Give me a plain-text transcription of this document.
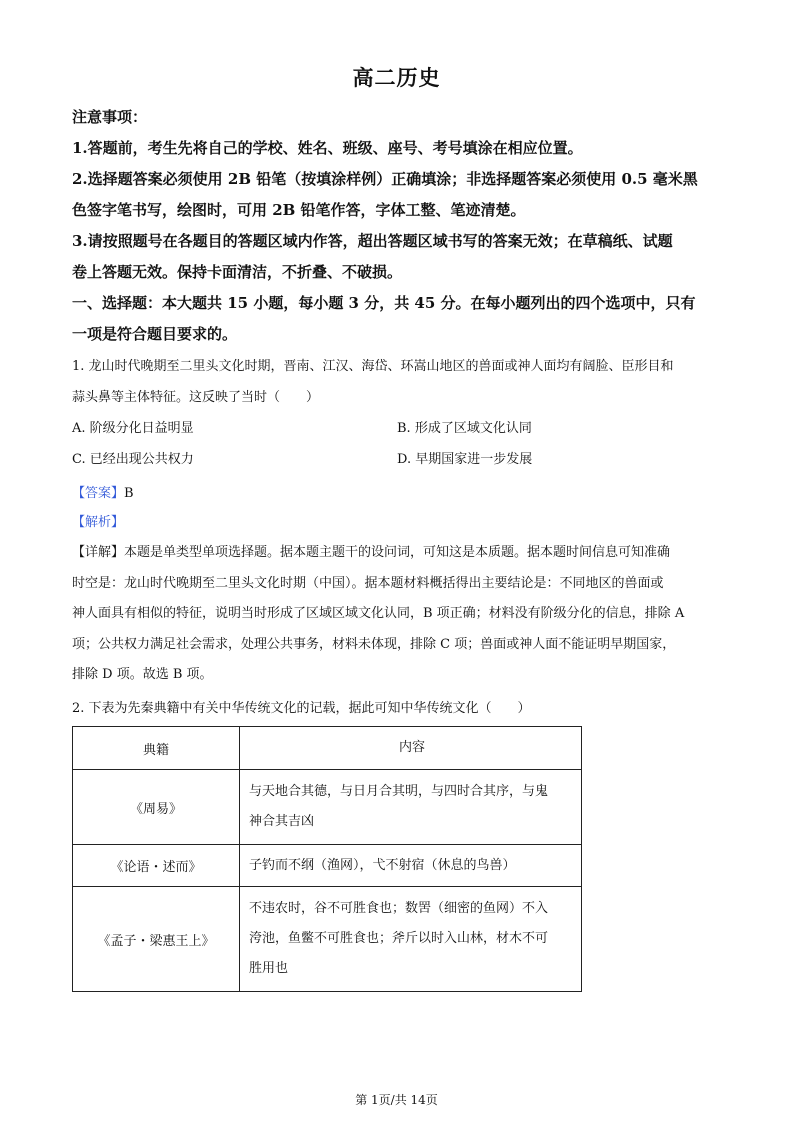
高二历史
注意事项：
1.答题前，考生先将自己的学校、姓名、班级、座号、考号填涂在相应位置。
2.选择题答案必须使用 2B 铅笔（按填涂样例）正确填涂；非选择题答案必须使用 0.5 毫米黑
色签字笔书写，绘图时，可用 2B 铅笔作答，字体工整、笔迹清楚。
3.请按照题号在各题目的答题区域内作答，超出答题区域书写的答案无效；在草稿纸、试题
卷上答题无效。保持卡面清洁，不折叠、不破损。
一、选择题：本大题共 15 小题，每小题 3 分，共 45 分。在每小题列出的四个选项中，只有
一项是符合题目要求的。
1. 龙山时代晚期至二里头文化时期，晋南、江汉、海岱、环嵩山地区的兽面或神人面均有阔脸、臣形目和
蒜头鼻等主体特征。这反映了当时（　　）
A. 阶级分化日益明显	B. 形成了区域文化认同
C. 已经出现公共权力	D. 早期国家进一步发展
【答案】B
【解析】
【详解】本题是单类型单项选择题。据本题主题干的设问词，可知这是本质题。据本题时间信息可知准确
时空是：龙山时代晚期至二里头文化时期（中国）。据本题材料概括得出主要结论是：不同地区的兽面或
神人面具有相似的特征，说明当时形成了区域区域文化认同，B 项正确；材料没有阶级分化的信息，排除 A
项；公共权力满足社会需求，处理公共事务，材料未体现，排除 C 项；兽面或神人面不能证明早期国家，
排除 D 项。故选 B 项。
2. 下表为先秦典籍中有关中华传统文化的记载，据此可知中华传统文化（　　）
典籍	内容
《周易》	与天地合其德，与日月合其明，与四时合其序，与鬼
神合其吉凶

《论语・述而》	子钓而不纲（渔网），弋不射宿（休息的鸟兽）

《孟子・梁惠王上》	不违农时，谷不可胜食也；数罟（细密的鱼网）不入
洿池，鱼鳖不可胜食也；斧斤以时入山林，材木不可
胜用也
第 1页/共 14页
